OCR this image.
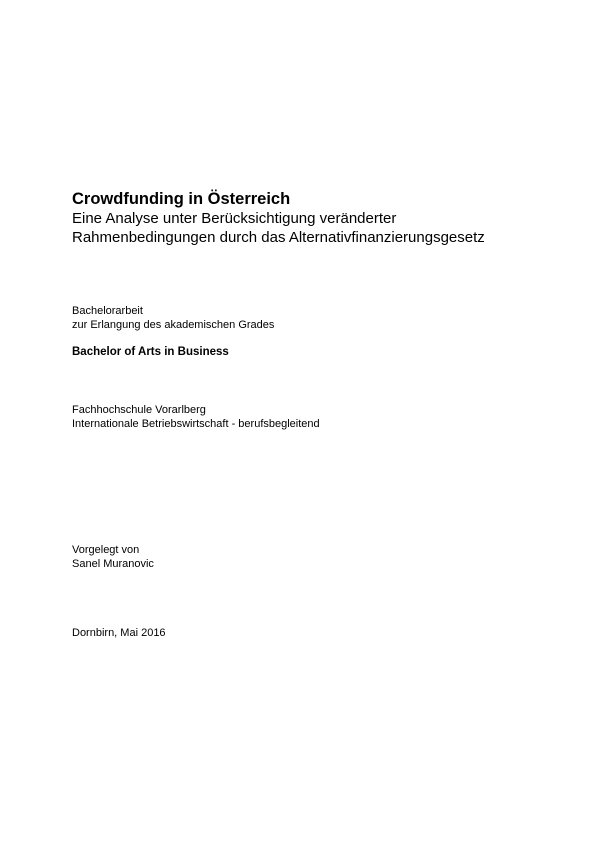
Crowdfunding in Österreich

Eine Analyse unter Berücksichtigung veränderter

Rahmenbedingungen durch das Alternativfinanzierungsgesetz

Bachelorarbeit

zur Erlangung des akademischen Grades

Bachelor of Arts in Business

Fachhochschule Vorarlberg

Internationale Betriebswirtschaft - berufsbegleitend

Vorgelegt von

Sanel Muranovic

Dornbirn, Mai 2016
